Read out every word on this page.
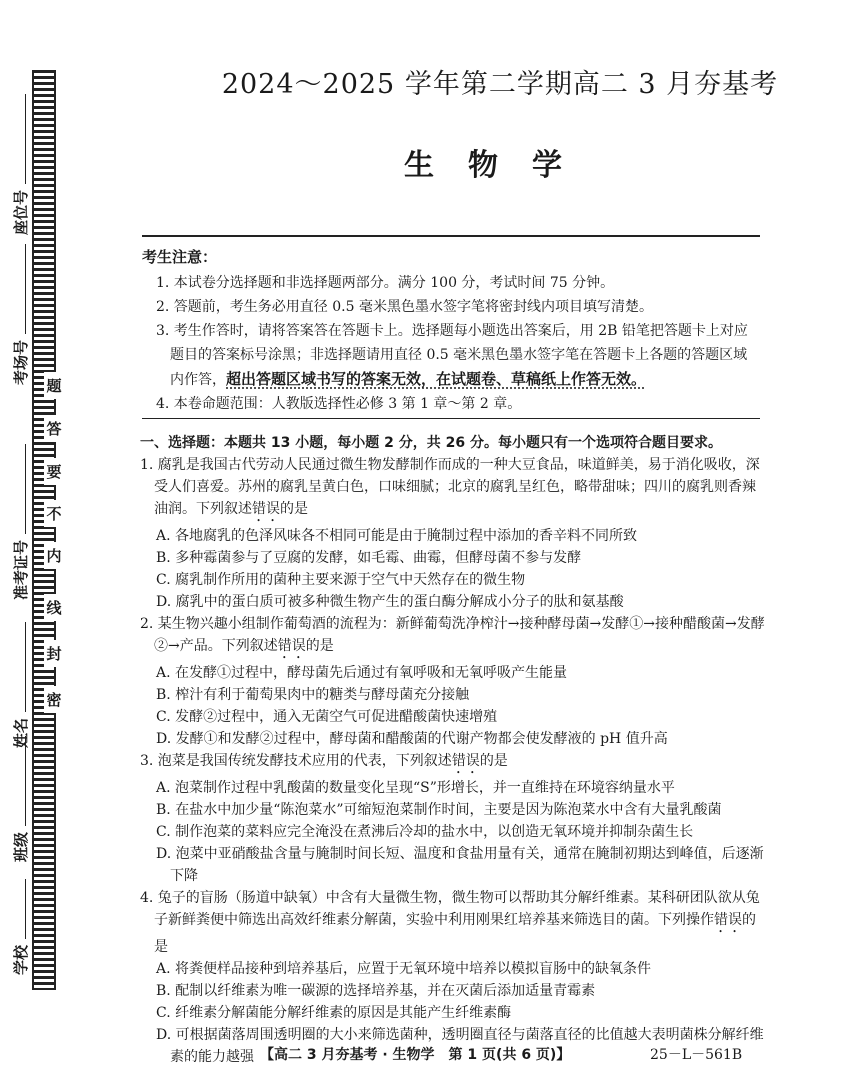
题
答
要
不
内
线
封
密
座位号
考场号
准考证号
姓名
班级
学校
2024～2025 学年第二学期高二 3 月夯基考
生物学
考生注意：

1. 本试卷分选择题和非选择题两部分。满分 100 分，考试时间 75 分钟。

2. 答题前，考生务必用直径 0.5 毫米黑色墨水签字笔将密封线内项目填写清楚。

3. 考生作答时，请将答案答在答题卡上。选择题每小题选出答案后，用 2B 铅笔把答题卡上对应题目的答案标号涂黑；非选择题请用直径 0.5 毫米黑色墨水签字笔在答题卡上各题的答题区域内作答，超出答题区域书写的答案无效，在试题卷、草稿纸上作答无效。

4. 本卷命题范围：人教版选择性必修 3 第 1 章～第 2 章。

一、选择题：本题共 13 小题，每小题 2 分，共 26 分。每小题只有一个选项符合题目要求。

1. 腐乳是我国古代劳动人民通过微生物发酵制作而成的一种大豆食品，味道鲜美，易于消化吸收，深受人们喜爱。苏州的腐乳呈黄白色，口味细腻；北京的腐乳呈红色，略带甜味；四川的腐乳则香辣油润。下列叙述错误的是

A. 各地腐乳的色泽风味各不相同可能是由于腌制过程中添加的香辛料不同所致

B. 多种霉菌参与了豆腐的发酵，如毛霉、曲霉，但酵母菌不参与发酵

C. 腐乳制作所用的菌种主要来源于空气中天然存在的微生物

D. 腐乳中的蛋白质可被多种微生物产生的蛋白酶分解成小分子的肽和氨基酸

2. 某生物兴趣小组制作葡萄酒的流程为：新鲜葡萄洗净榨汁→接种酵母菌→发酵①→接种醋酸菌→发酵②→产品。下列叙述错误的是

A. 在发酵①过程中，酵母菌先后通过有氧呼吸和无氧呼吸产生能量

B. 榨汁有利于葡萄果肉中的糖类与酵母菌充分接触

C. 发酵②过程中，通入无菌空气可促进醋酸菌快速增殖

D. 发酵①和发酵②过程中，酵母菌和醋酸菌的代谢产物都会使发酵液的 pH 值升高

3. 泡菜是我国传统发酵技术应用的代表，下列叙述错误的是

A. 泡菜制作过程中乳酸菌的数量变化呈现“S”形增长，并一直维持在环境容纳量水平

B. 在盐水中加少量“陈泡菜水”可缩短泡菜制作时间，主要是因为陈泡菜水中含有大量乳酸菌

C. 制作泡菜的菜料应完全淹没在煮沸后冷却的盐水中，以创造无氧环境并抑制杂菌生长

D. 泡菜中亚硝酸盐含量与腌制时间长短、温度和食盐用量有关，通常在腌制初期达到峰值，后逐渐下降

4. 兔子的盲肠（肠道中缺氧）中含有大量微生物，微生物可以帮助其分解纤维素。某科研团队欲从兔子新鲜粪便中筛选出高效纤维素分解菌，实验中利用刚果红培养基来筛选目的菌。下列操作错误的是

A. 将粪便样品接种到培养基后，应置于无氧环境中培养以模拟盲肠中的缺氧条件

B. 配制以纤维素为唯一碳源的选择培养基，并在灭菌后添加适量青霉素

C. 纤维素分解菌能分解纤维素的原因是其能产生纤维素酶

D. 可根据菌落周围透明圈的大小来筛选菌种，透明圈直径与菌落直径的比值越大表明菌株分解纤维素的能力越强 【高二 3 月夯基考 · 生物学　第 1 页(共 6 页)】	25－L－561B
